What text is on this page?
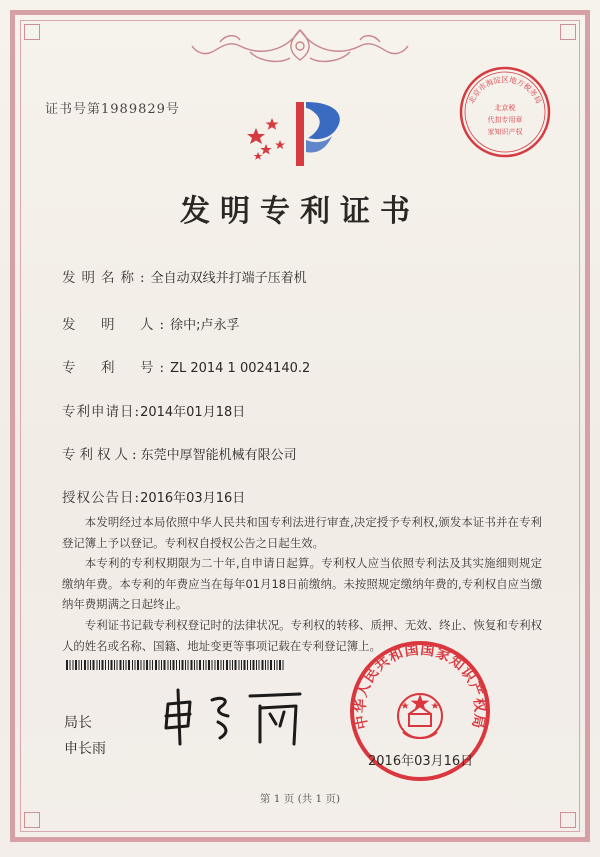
证书号第1989829号
北京市海淀区地方税务局
北京税
代扣专用章
家知识产权
发明专利证书
发明名称:全自动双线并打端子压着机
发　明　人:徐中;卢永孚
专　利　号:ZL 2014 1 0024140.2
专利申请日:2014年01月18日
专利权人:东莞中厚智能机械有限公司
授权公告日:2016年03月16日

本发明经过本局依照中华人民共和国专利法进行审查,决定授予专利权,颁发本证书并在专利登记簿上予以登记。专利权自授权公告之日起生效。

本专利的专利权期限为二十年,自申请日起算。专利权人应当依照专利法及其实施细则规定缴纳年费。本专利的年费应当在每年01月18日前缴纳。未按照规定缴纳年费的,专利权自应当缴纳年费期满之日起终止。

专利证书记载专利权登记时的法律状况。专利权的转移、质押、无效、终止、恢复和专利权人的姓名或名称、国籍、地址变更等事项记载在专利登记簿上。

局长
申长雨
中华人民共和国国家知识产权局
2016年03月16日
第 1 页 (共 1 页)
